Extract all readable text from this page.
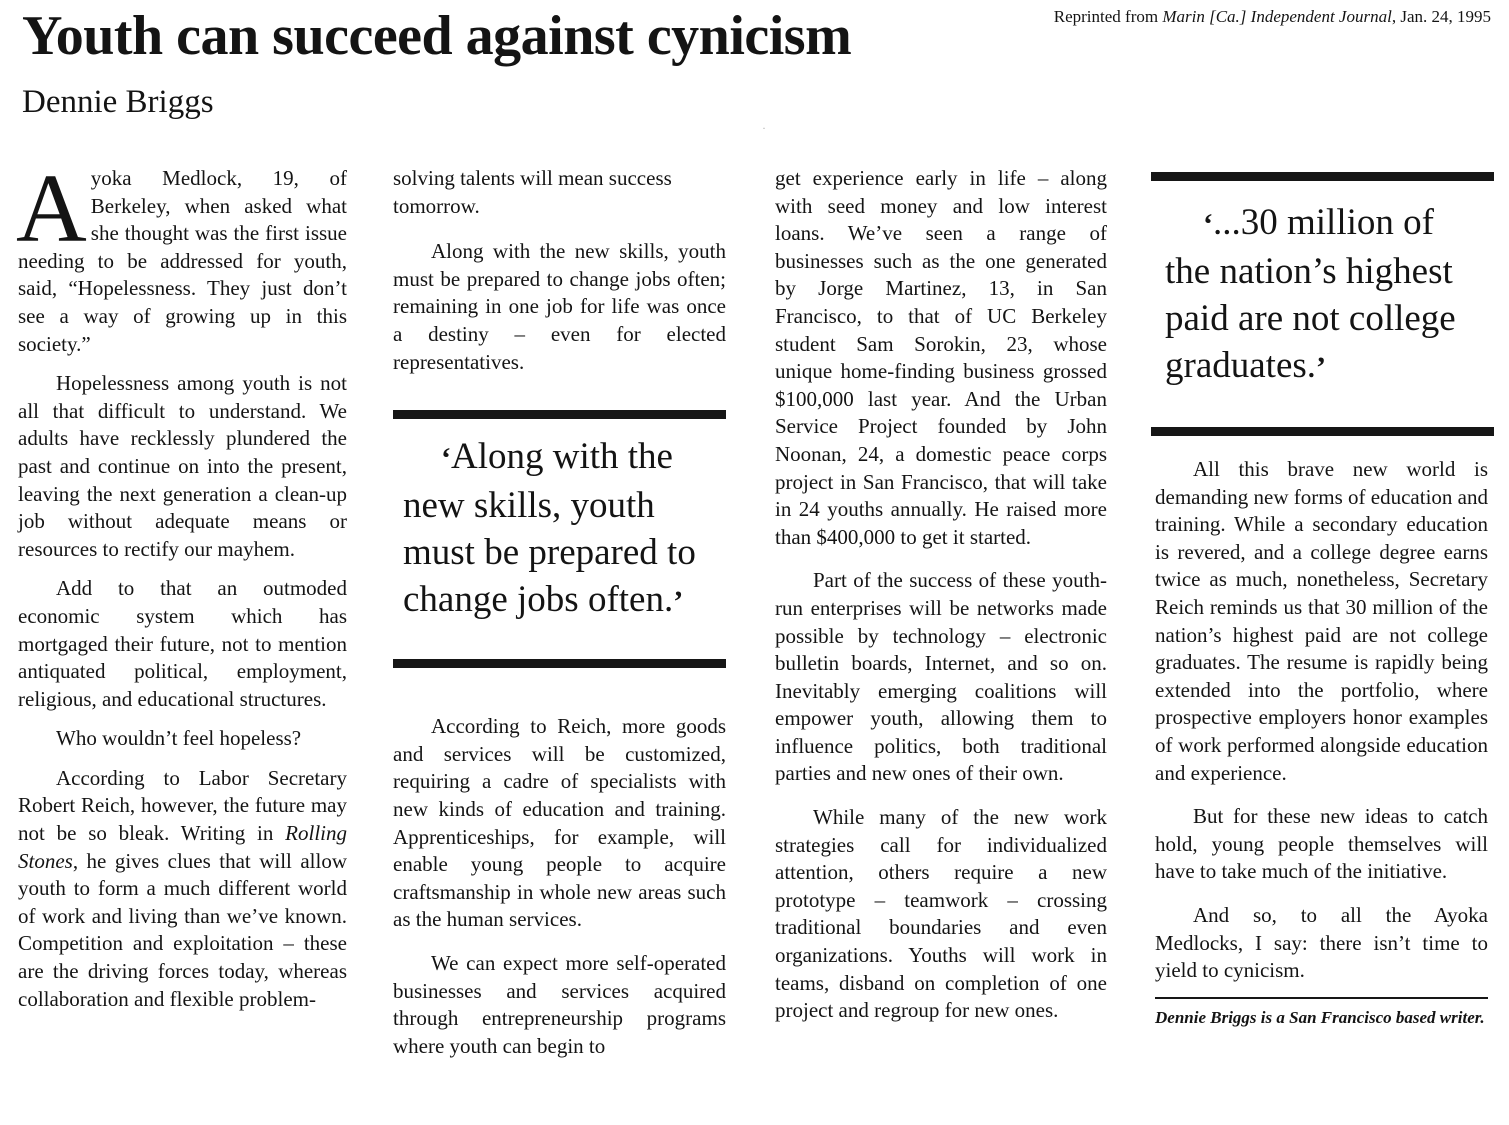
Youth can succeed against cynicism
Dennie Briggs
Reprinted from Marin [Ca.] Independent Journal, Jan. 24, 1995
·

Ayoka Medlock, 19, of Berkeley, when asked what she thought was the first issue needing to be addressed for youth, said, “Hopelessness. They just don’t see a way of growing up in this society.”

Hopelessness among youth is not all that difficult to understand. We adults have recklessly plundered the past and continue on into the present, leaving the next generation a clean-up job without adequate means or resources to rectify our mayhem.

Add to that an outmoded economic system which has mortgaged their future, not to mention antiquated political, employment, religious, and educational structures.

Who wouldn’t feel hopeless?

According to Labor Secretary Robert Reich, however, the future may not be so bleak. Writing in Rolling Stones, he gives clues that will allow youth to form a much different world of work and living than we’ve known. Competition and exploitation – these are the driving forces today, whereas collaboration and flexible problem-

solving talents will mean success tomorrow.

Along with the new skills, youth must be prepared to change jobs often; remaining in one job for life was once a destiny – even for elected representatives.

‘Along with the new skills, youth must be prepared to change jobs often.’

According to Reich, more goods and services will be customized, requiring a cadre of specialists with new kinds of education and training. Apprenticeships, for example, will enable young people to acquire craftsmanship in whole new areas such as the human services.

We can expect more self-operated businesses and services acquired through entrepreneurship programs where youth can begin to

get experience early in life – along with seed money and low interest loans. We’ve seen a range of businesses such as the one generated by Jorge Martinez, 13, in San Francisco, to that of UC Berkeley student Sam Sorokin, 23, whose unique home-finding business grossed $100,000 last year. And the Urban Service Project founded by John Noonan, 24, a domestic peace corps project in San Francisco, that will take in 24 youths annually. He raised more than $400,000 to get it started.

Part of the success of these youth-run enterprises will be networks made possible by technology – electronic bulletin boards, Internet, and so on. Inevitably emerging coalitions will empower youth, allowing them to influence politics, both traditional parties and new ones of their own.

While many of the new work strategies call for individualized attention, others require a new prototype – teamwork – crossing traditional boundaries and even organizations. Youths will work in teams, disband on completion of one project and regroup for new ones.

‘...30 million of the nation’s highest paid are not college graduates.’

All this brave new world is demanding new forms of education and training. While a secondary education is revered, and a college degree earns twice as much, nonetheless, Secretary Reich reminds us that 30 million of the nation’s highest paid are not college graduates. The resume is rapidly being extended into the portfolio, where prospective employers honor examples of work performed alongside education and experience.

But for these new ideas to catch hold, young people themselves will have to take much of the initiative.

And so, to all the Ayoka Medlocks, I say: there isn’t time to yield to cynicism.

Dennie Briggs is a San Francisco based writer.
